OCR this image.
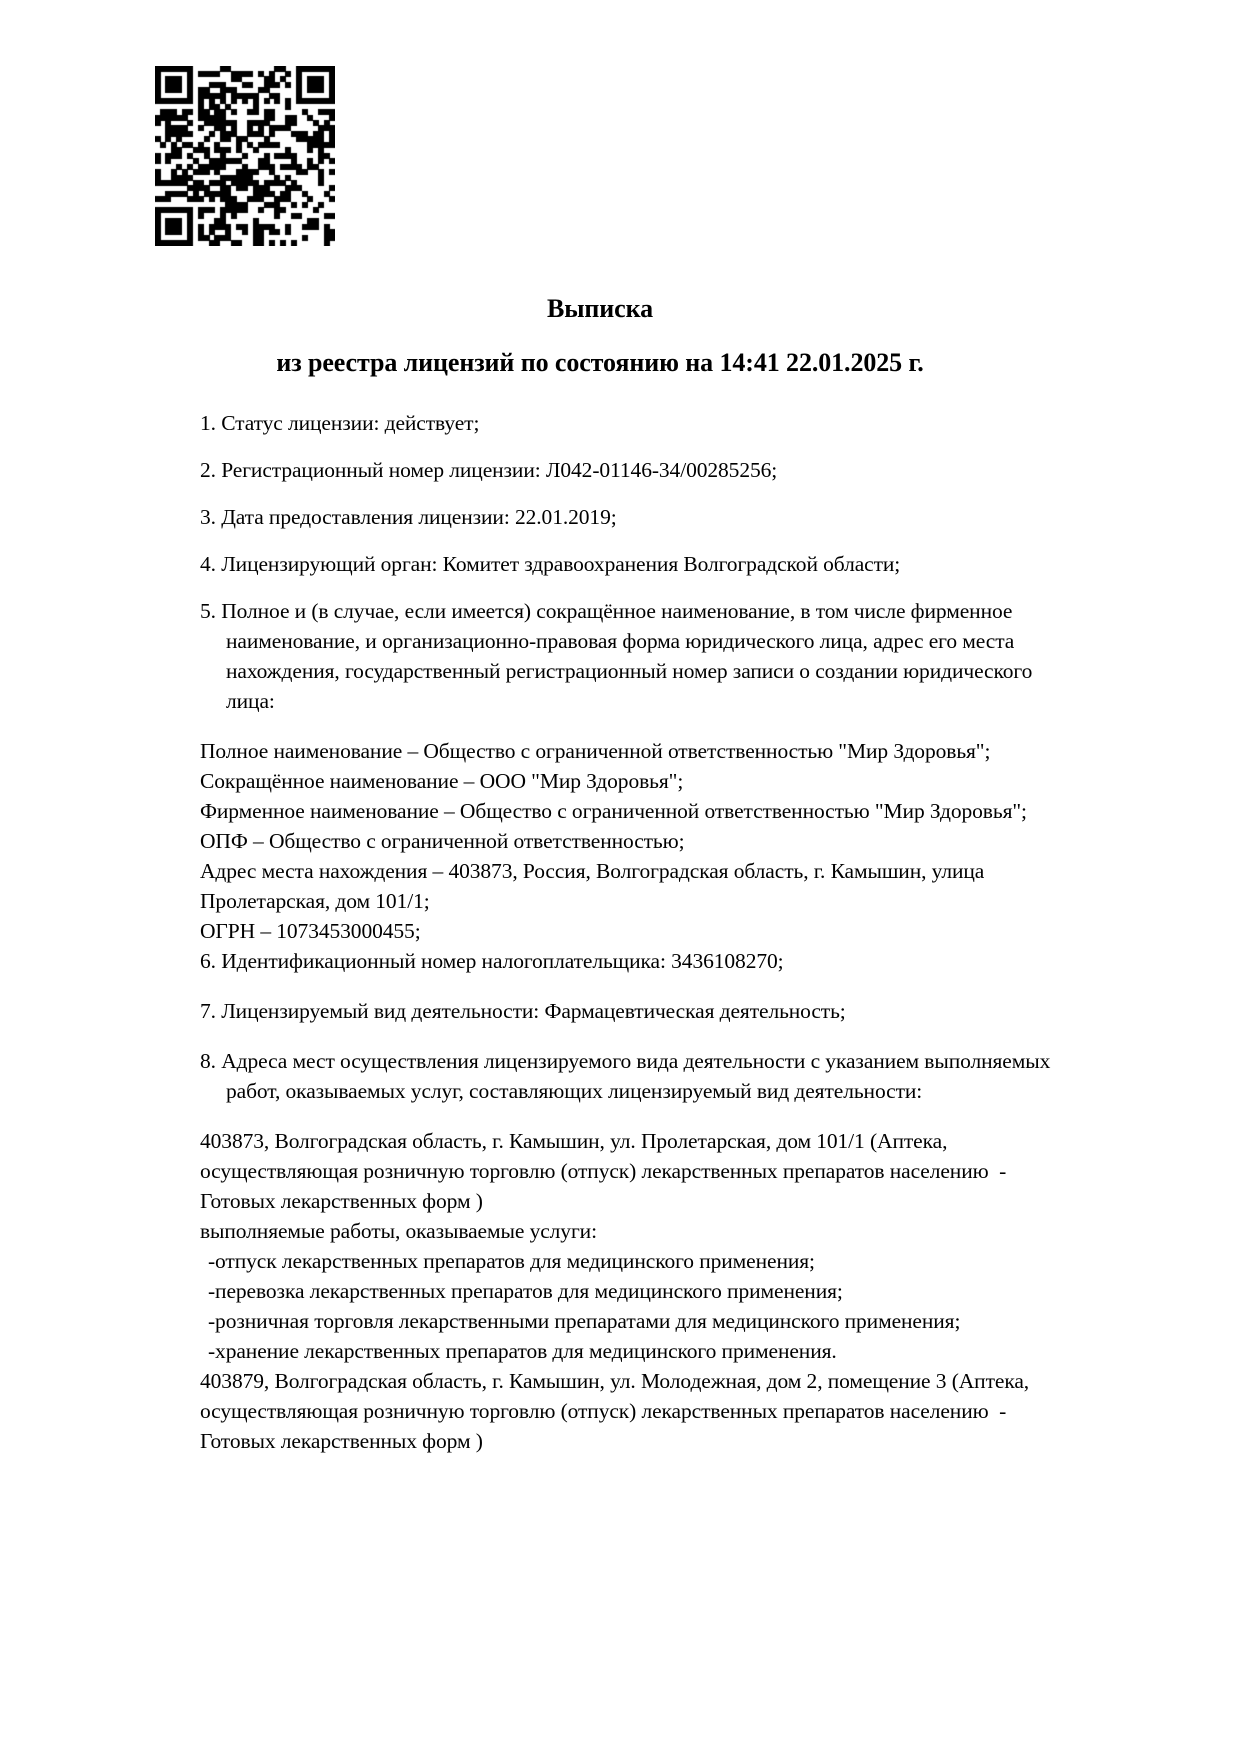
Выписка
из реестра лицензий по состоянию на 14:41 22.01.2025 г.
1. Статус лицензии: действует;
2. Регистрационный номер лицензии: Л042-01146-34/00285256;
3. Дата предоставления лицензии: 22.01.2019;
4. Лицензирующий орган: Комитет здравоохранения Волгоградской области;
5. Полное и (в случае, если имеется) сокращённое наименование, в том числе фирменное наименование, и организационно-правовая форма юридического лица, адрес его места нахождения, государственный регистрационный номер записи о создании юридического лица:
Полное наименование – Общество с ограниченной ответственностью "Мир Здоровья";
Сокращённое наименование – ООО "Мир Здоровья";
Фирменное наименование – Общество с ограниченной ответственностью "Мир Здоровья";
ОПФ – Общество с ограниченной ответственностью;
Адрес места нахождения – 403873, Россия, Волгоградская область, г. Камышин, улица Пролетарская, дом 101/1;
ОГРН – 1073453000455;
6. Идентификационный номер налогоплательщика: 3436108270;
7. Лицензируемый вид деятельности: Фармацевтическая деятельность;
8. Адреса мест осуществления лицензируемого вида деятельности с указанием выполняемых работ, оказываемых услуг, составляющих лицензируемый вид деятельности:
403873, Волгоградская область, г. Камышин, ул. Пролетарская, дом 101/1 (Аптека, осуществляющая розничную торговлю (отпуск) лекарственных препаратов населению  - Готовых лекарственных форм )
выполняемые работы, оказываемые услуги:
-отпуск лекарственных препаратов для медицинского применения;
-перевозка лекарственных препаратов для медицинского применения;
-розничная торговля лекарственными препаратами для медицинского применения;
-хранение лекарственных препаратов для медицинского применения.
403879, Волгоградская область, г. Камышин, ул. Молодежная, дом 2, помещение 3 (Аптека, осуществляющая розничную торговлю (отпуск) лекарственных препаратов населению  - Готовых лекарственных форм )
